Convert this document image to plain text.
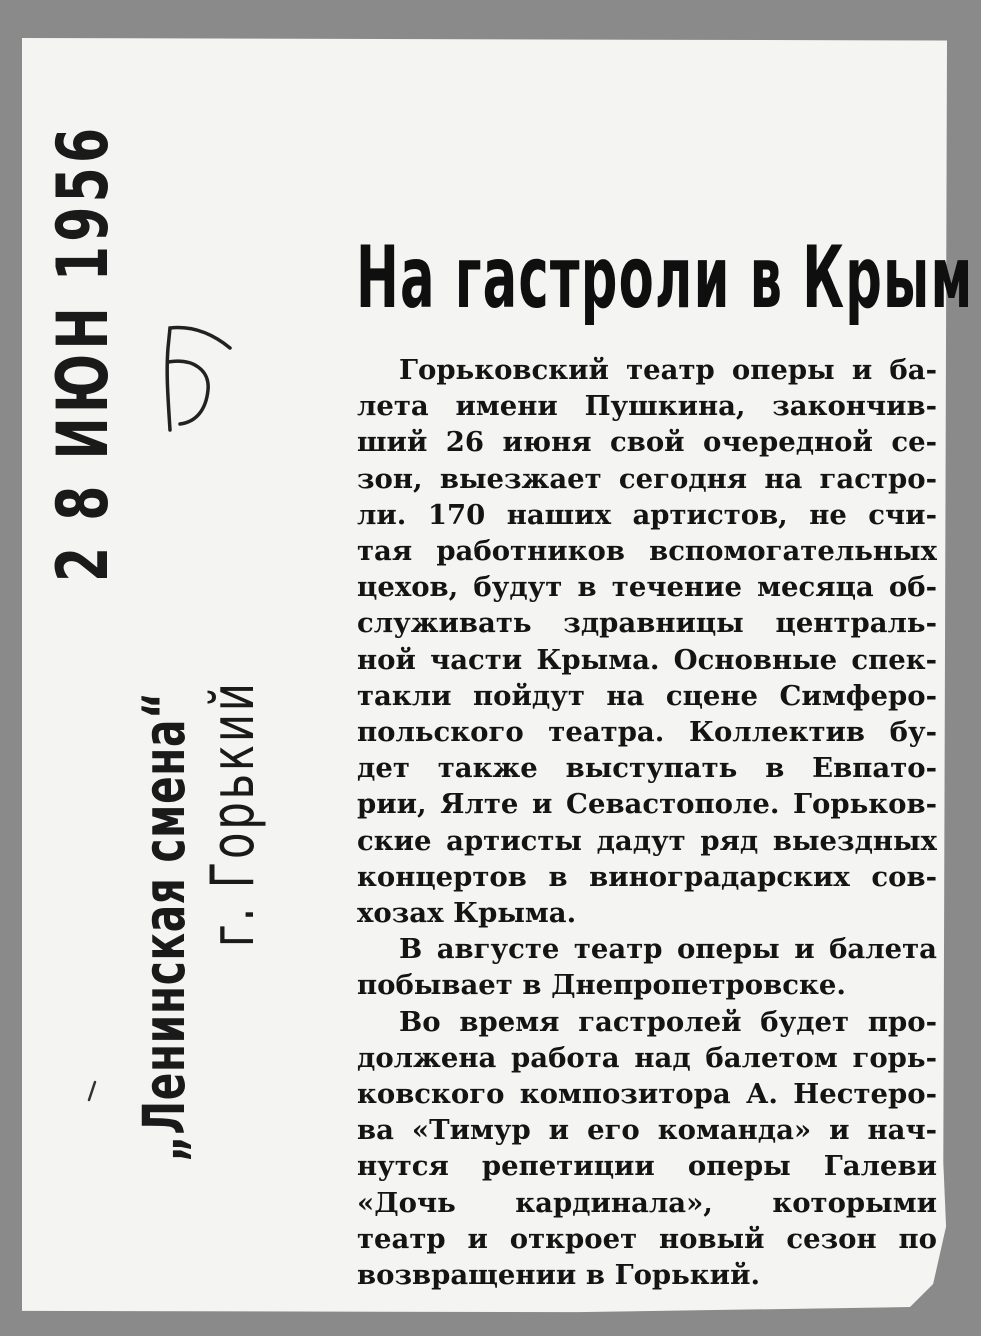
2 8 ИЮН 1956
„Ленинская смена“ г. Горький
На гастроли в Крым
Горьковский театр оперы и ба-
лета имени Пушкина, закончив-
ший 26 июня свой очередной се-
зон, выезжает сегодня на гастро-
ли. 170 наших артистов, не счи-
тая работников вспомогательных
цехов, будут в течение месяца об-
служивать здравницы централь-
ной части Крыма. Основные спек-
такли пойдут на сцене Симферо-
польского театра. Коллектив бу-
дет также выступать в Евпато-
рии, Ялте и Севастополе. Горьков-
ские артисты дадут ряд выездных
концертов в виноградарских сов-
хозах Крыма.
В августе театр оперы и балета
побывает в Днепропетровске.
Во время гастролей будет про-
должена работа над балетом горь-
ковского композитора А. Нестеро-
ва «Тимур и его команда» и нач-
нутся репетиции оперы Галеви
«Дочь кардинала», которыми
театр и откроет новый сезон по
возвращении в Горький.
